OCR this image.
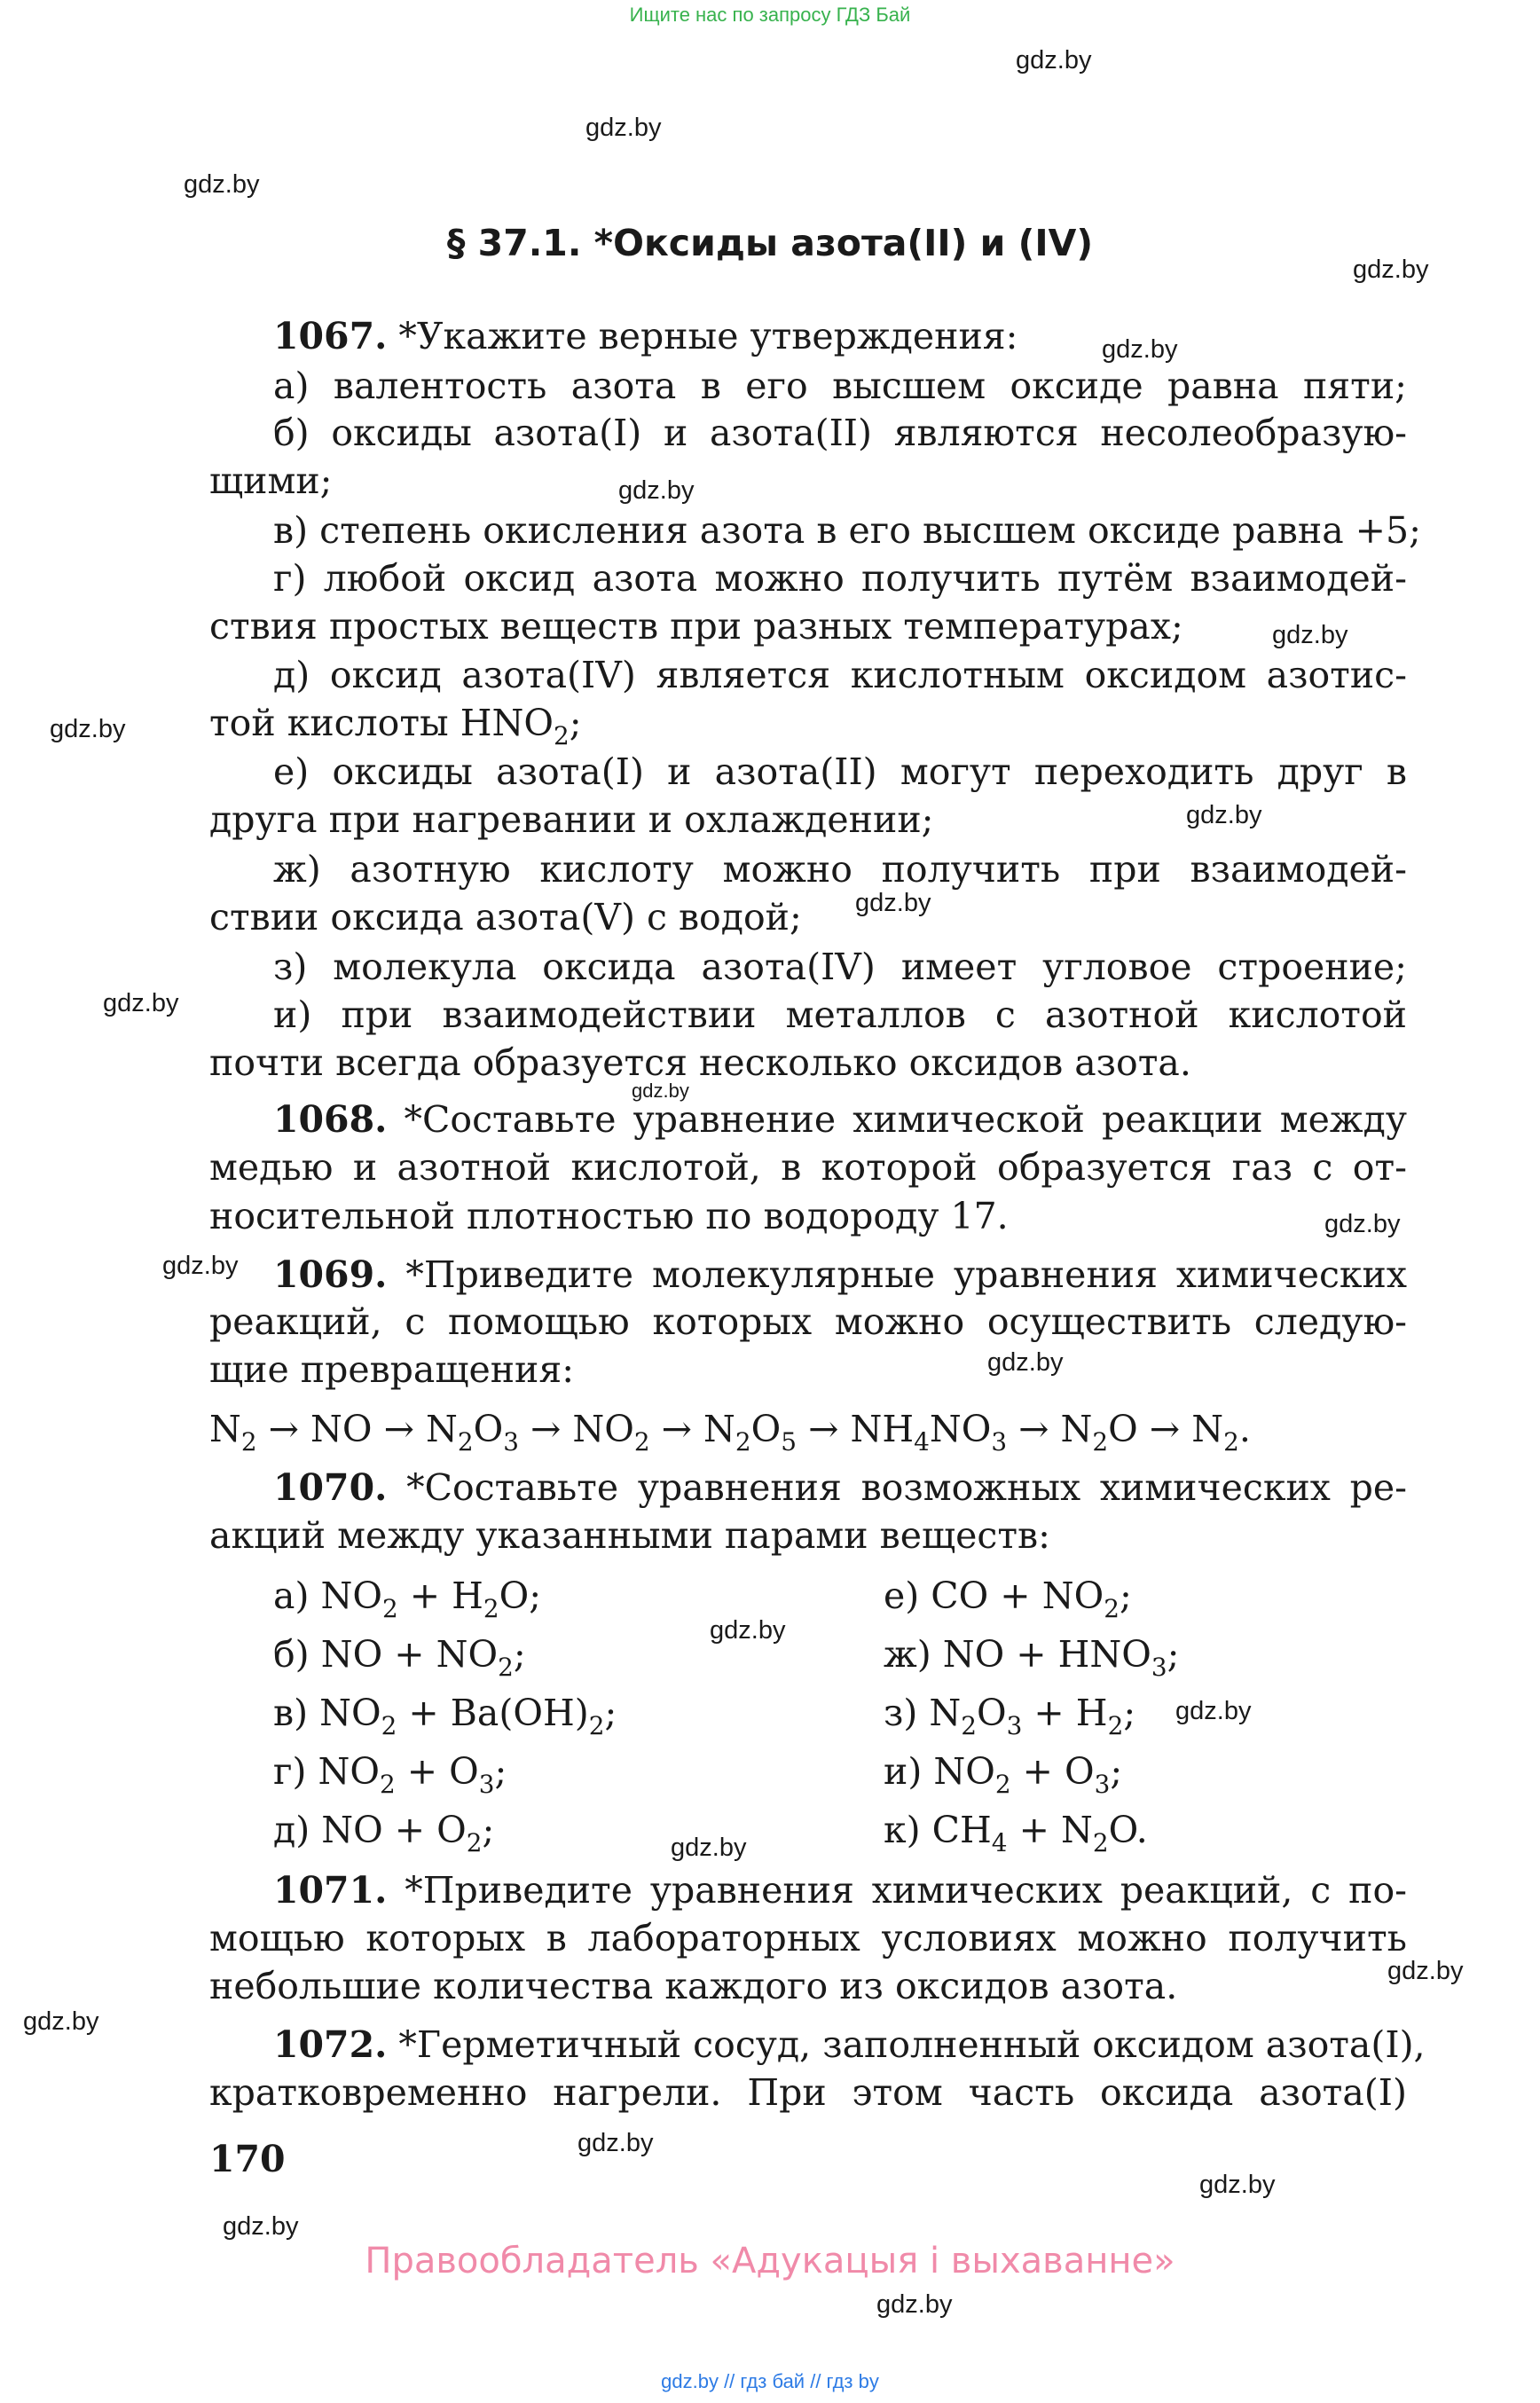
Ищите нас по запросу ГДЗ Бай
gdz.by
gdz.by
gdz.by
gdz.by
gdz.by
gdz.by
gdz.by
gdz.by
gdz.by
gdz.by
gdz.by
gdz.by
gdz.by
gdz.by
gdz.by
gdz.by
gdz.by
gdz.by
gdz.by
gdz.by
gdz.by
gdz.by
gdz.by
gdz.by
§ 37.1. *Оксиды азота(II) и (IV)
1067. *Укажите верные утверждения:
а) валентость азота в его высшем оксиде равна пяти;
б) оксиды азота(I) и азота(II) являются несолеобразую-
щими;
в) степень окисления азота в его высшем оксиде равна +5;
г) любой оксид азота можно получить путём взаимодей-
ствия простых веществ при разных температурах;
д) оксид азота(IV) является кислотным оксидом азотис-
той кислоты $HNO_2$;
е) оксиды азота(I) и азота(II) могут переходить друг в
друга при нагревании и охлаждении;
ж) азотную кислоту можно получить при взаимодей-
ствии оксида азота(V) с водой;
з) молекула оксида азота(IV) имеет угловое строение;
и) при взаимодействии металлов с азотной кислотой
почти всегда образуется несколько оксидов азота.
1068. *Составьте уравнение химической реакции между
медью и азотной кислотой, в которой образуется газ с от-
носительной плотностью по водороду 17.
1069. *Приведите молекулярные уравнения химических
реакций, с помощью которых можно осуществить следую-
щие превращения:
$N_2$ → NO → $N_2O_3 \to NO_2 \to N_2O_5 \to NH_4NO_3 \to N_2O \to N_2$.
1070. *Составьте уравнения возможных химических ре-
акций между указанными парами веществ:
а) $NO_2 + H_2O$;
б) NO + $NO_2$;
в) $NO_2 + Ba(OH)_2$;
г) $NO_2 + O_3$;
д) NO + $O_2$;
е) CO + $NO_2$;
ж) NO + $HNO_3$;
з) $N_2O_3 + H_2$;
и) $NO_2 + O_3$;
к) $CH_4 + N_2O$.
1071. *Приведите уравнения химических реакций, с по-
мощью которых в лабораторных условиях можно получить
небольшие количества каждого из оксидов азота.
1072. *Герметичный сосуд, заполненный оксидом азота(I),
кратковременно нагрели. При этом часть оксида азота(I)
170
Правообладатель «Адукацыя і выхаванне»
gdz.by // гдз бай // гдз by
